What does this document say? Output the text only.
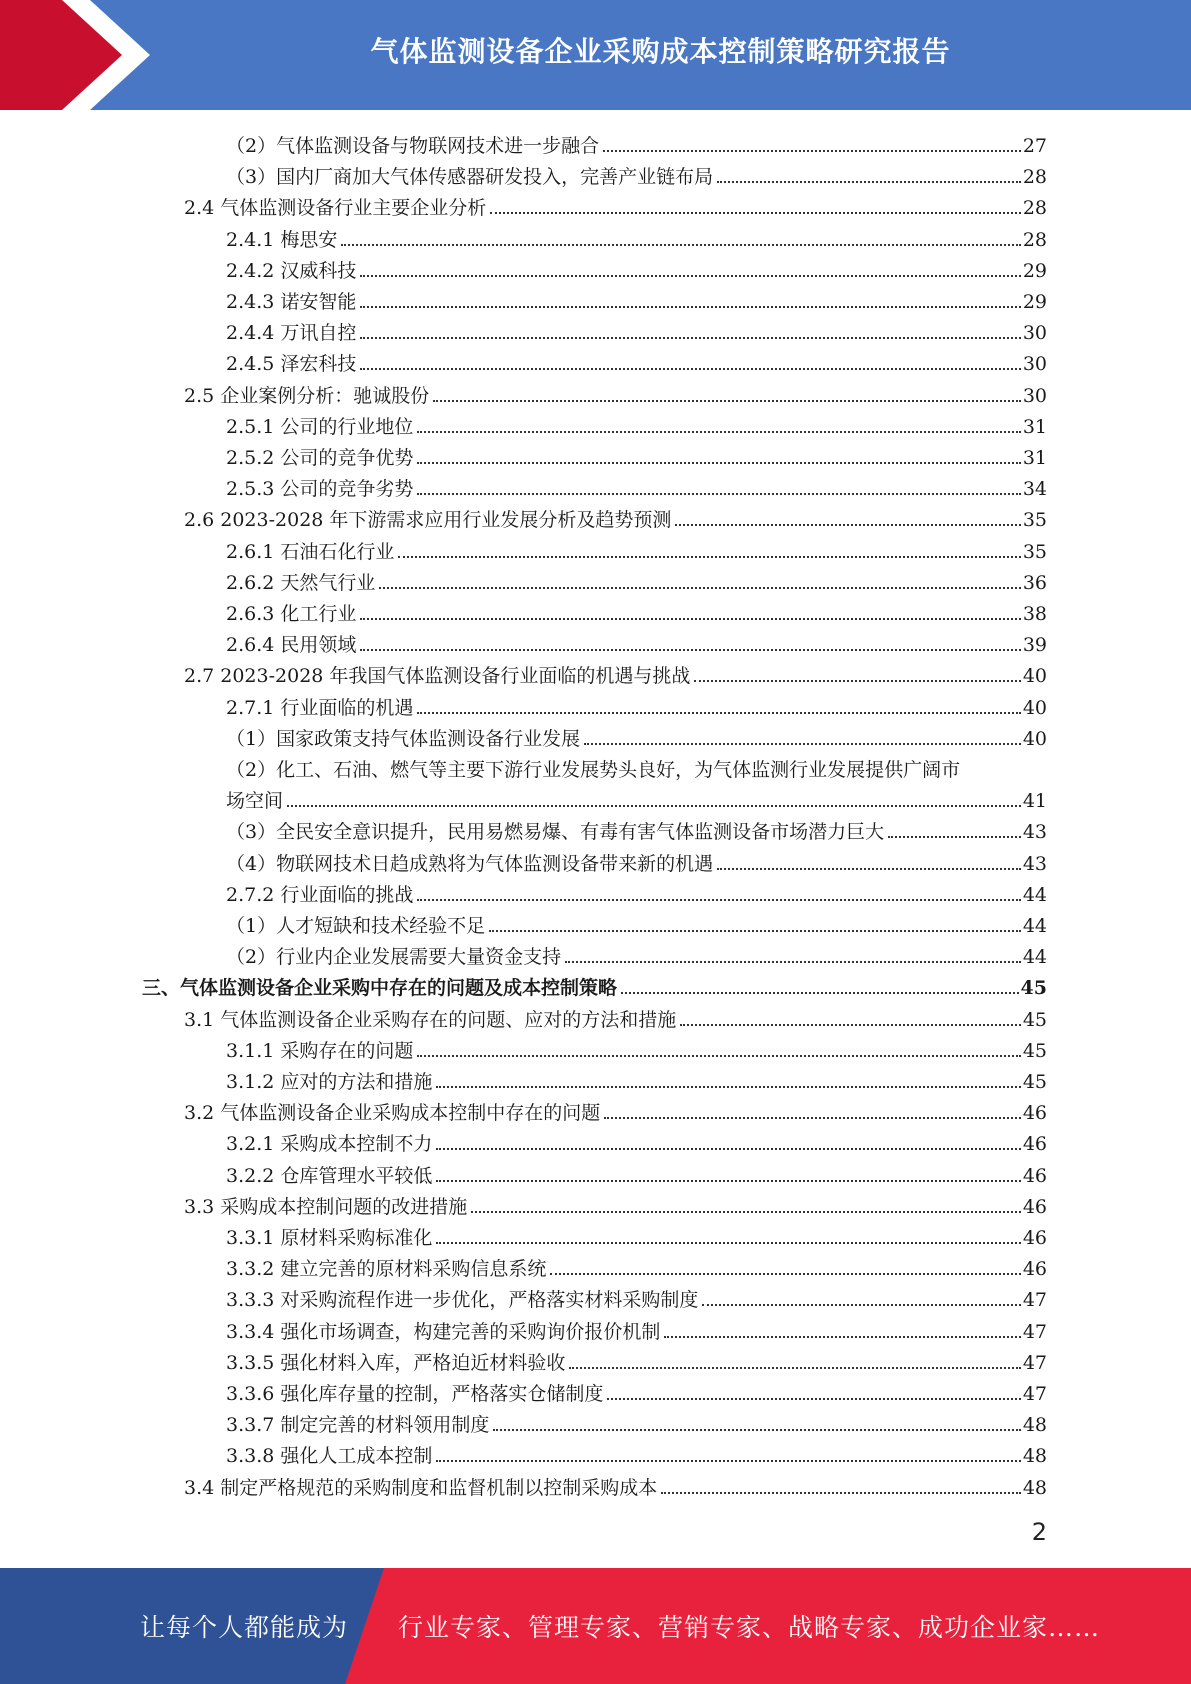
气体监测设备企业采购成本控制策略研究报告
（2）气体监测设备与物联网技术进一步融合	27
（3）国内厂商加大气体传感器研发投入，完善产业链布局	28
2.4 气体监测设备行业主要企业分析	28
2.4.1 梅思安	28
2.4.2 汉威科技	29
2.4.3 诺安智能	29
2.4.4 万讯自控	30
2.4.5 泽宏科技	30
2.5 企业案例分析：驰诚股份	30
2.5.1 公司的行业地位	31
2.5.2 公司的竞争优势	31
2.5.3 公司的竞争劣势	34
2.6 2023-2028 年下游需求应用行业发展分析及趋势预测	35
2.6.1 石油石化行业	35
2.6.2 天然气行业	36
2.6.3 化工行业	38
2.6.4 民用领域	39
2.7 2023-2028 年我国气体监测设备行业面临的机遇与挑战	40
2.7.1 行业面临的机遇	40
（1）国家政策支持气体监测设备行业发展	40
（2）化工、石油、燃气等主要下游行业发展势头良好，为气体监测行业发展提供广阔市
场空间	41
（3）全民安全意识提升，民用易燃易爆、有毒有害气体监测设备市场潜力巨大	43
（4）物联网技术日趋成熟将为气体监测设备带来新的机遇	43
2.7.2 行业面临的挑战	44
（1）人才短缺和技术经验不足	44
（2）行业内企业发展需要大量资金支持	44
三、气体监测设备企业采购中存在的问题及成本控制策略	45
3.1 气体监测设备企业采购存在的问题、应对的方法和措施	45
3.1.1 采购存在的问题	45
3.1.2 应对的方法和措施	45
3.2 气体监测设备企业采购成本控制中存在的问题	46
3.2.1 采购成本控制不力	46
3.2.2 仓库管理水平较低	46
3.3 采购成本控制问题的改进措施	46
3.3.1 原材料采购标准化	46
3.3.2 建立完善的原材料采购信息系统	46
3.3.3 对采购流程作进一步优化，严格落实材料采购制度	47
3.3.4 强化市场调查，构建完善的采购询价报价机制	47
3.3.5 强化材料入库，严格迫近材料验收	47
3.3.6 强化库存量的控制，严格落实仓储制度	47
3.3.7 制定完善的材料领用制度	48
3.3.8 强化人工成本控制	48
3.4 制定严格规范的采购制度和监督机制以控制采购成本	48
2
让每个人都能成为 行业专家、管理专家、营销专家、战略专家、成功企业家……
